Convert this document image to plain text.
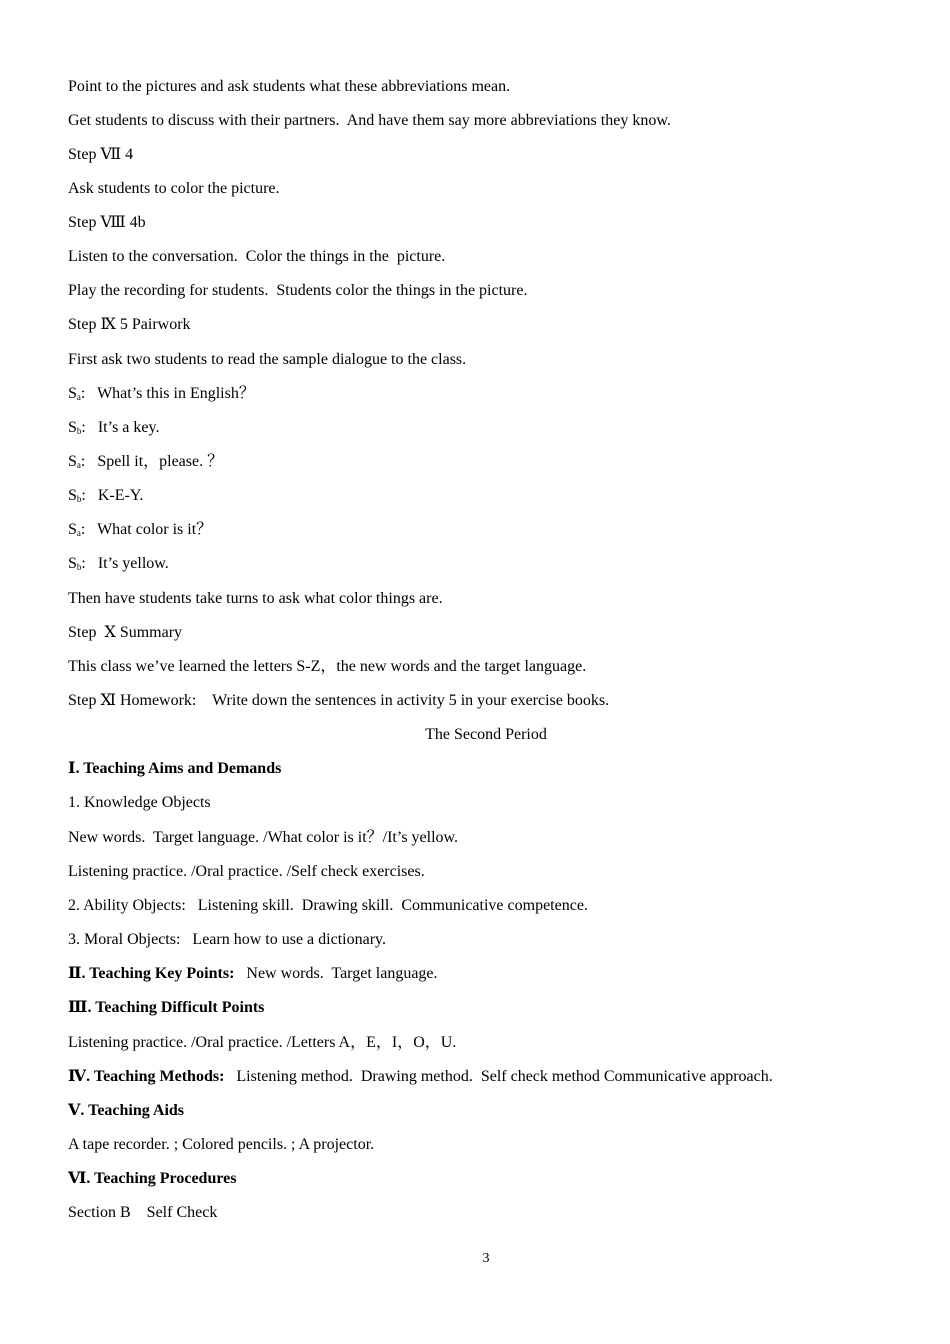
Point to the pictures and ask students what these abbreviations mean.
Get students to discuss with their partners.  And have them say more abbreviations they know.
Step Ⅶ 4
Ask students to color the picture.
Step Ⅷ 4b
Listen to the conversation.  Color the things in the  picture.
Play the recording for students.  Students color the things in the picture.
Step Ⅸ 5 Pairwork
First ask two students to read the sample dialogue to the class.
$S_a$:   What’s this in English？
$S_b$:   It’s a key.
$S_a$:   Spell it，please. ？
$S_b$:   K-E-Y.
$S_a$:   What color is it？
$S_b$:   It’s yellow.
Then have students take turns to ask what color things are.
Step  Ⅹ Summary
This class we’ve learned the letters S-Z，the new words and the target language.
Step Ⅺ Homework:    Write down the sentences in activity 5 in your exercise books.
The Second Period
Ⅰ. Teaching Aims and Demands
1. Knowledge Objects
New words.  Target language. /What color is it？/It’s yellow.
Listening practice. /Oral practice. /Self check exercises.
2. Ability Objects:   Listening skill.  Drawing skill.  Communicative competence.
3. Moral Objects:   Learn how to use a dictionary.
Ⅱ. Teaching Key Points:   New words.  Target language.
Ⅲ. Teaching Difficult Points
Listening practice. /Oral practice. /Letters A，E，I，O，U.
Ⅳ. Teaching Methods:   Listening method.  Drawing method.  Self check method Communicative approach.
Ⅴ. Teaching Aids
A tape recorder. ; Colored pencils. ; A projector.
Ⅵ. Teaching Procedures
Section B    Self Check
3
